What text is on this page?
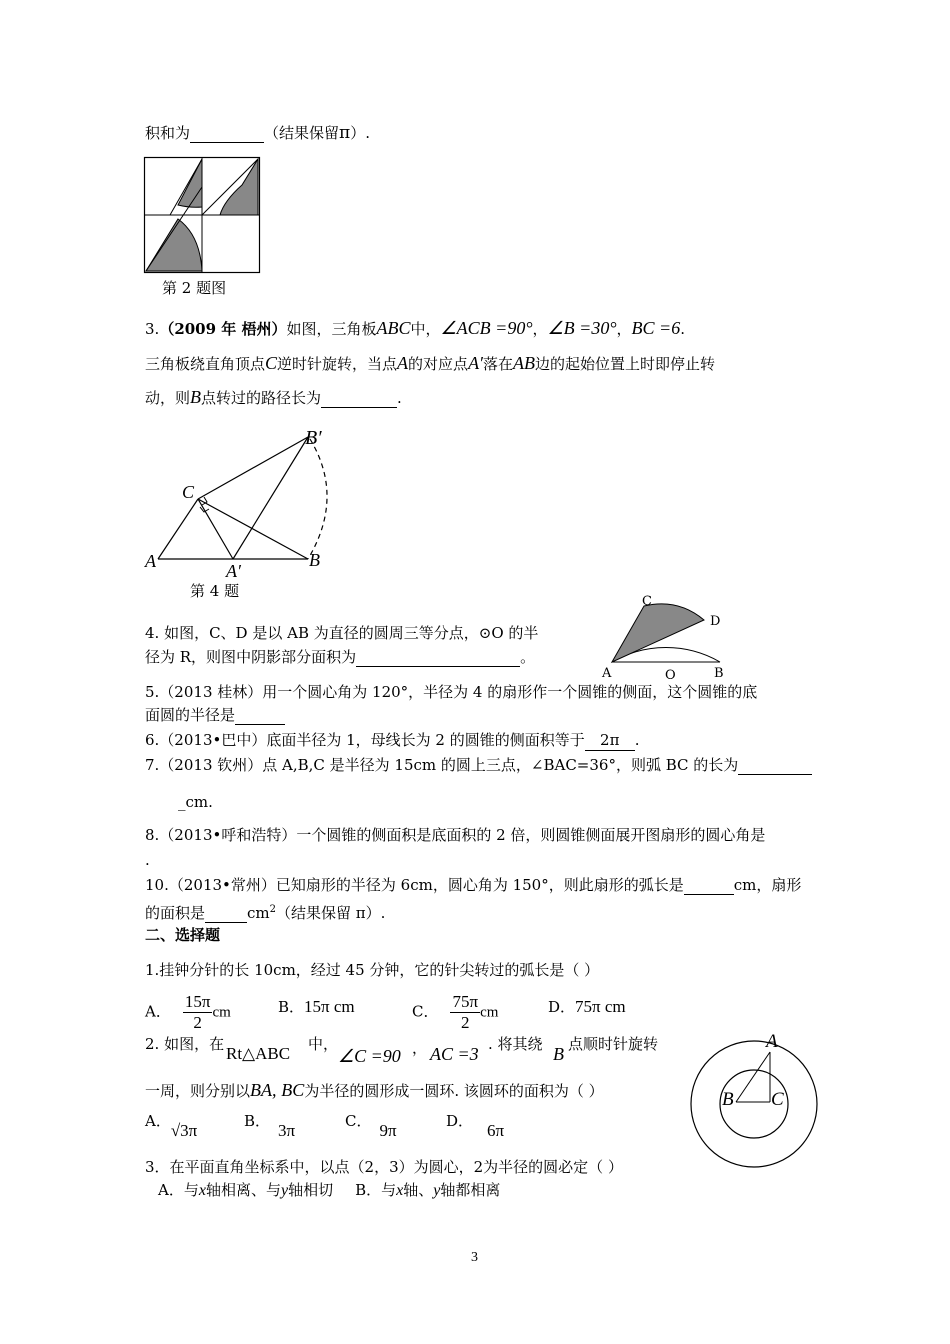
积和为	（结果保留π）.
第 2 题图
3.（2009 年 梧州）如图，三角板ABC中，∠ACB =90°，∠B =30°，BC =6.
三角板绕直角顶点C逆时针旋转，当点A的对应点A′落在AB边的起始位置上时即停止转
动，则B点转过的路径长为	.
B′
C
A	A′
B
第 4 题
4. 如图，C、D 是以 AB 为直径的圆周三等分点，⊙O 的半
径为 R，则图中阴影部分面积为	。
C
D
A	O	B
5.（2013 桂林）用一个圆心角为 120°，半径为 4 的扇形作一个圆锥的侧面，这个圆锥的底
面圆的半径是
6.（2013•巴中）底面半径为 1，母线长为 2 的圆锥的侧面积等于 2π .
7.（2013 钦州）点 A,B,C 是半径为 15cm 的圆上三点，∠BAC=36°，则弧 BC 的长为
_cm.
8.（2013•呼和浩特）一个圆锥的侧面积是底面积的 2 倍，则圆锥侧面展开图扇形的圆心角是
.
10.（2013•常州）已知扇形的半径为 6cm，圆心角为 150°，则此扇形的弧长是	cm，扇形
的面积是	$cm^2$（结果保留 π）.
二、选择题
1.挂钟分针的长 10cm，经过 45 分钟，它的针尖转过的弧长是（ ）
A． $\frac{15\pi}{2}$ cm	B．15π cm	C． $\frac{75\pi}{2}$ cm	D．75π cm
2. 如图，在 Rt△ABC 中，
∠C =90 ， AC =3 . 将其绕 B 点顺时针旋转
一周，则分别以BA, BC为半径的圆形成一圆环. 该圆环的面积为（ ）
A．√3π	B． 3π	C． 9π	D． 6π
A
B C
3．在平面直角坐标系中，以点（2，3）为圆心，2为半径的圆必定（ ）
A．与x轴相离、与y轴相切 B．与x轴、y轴都相离
3
